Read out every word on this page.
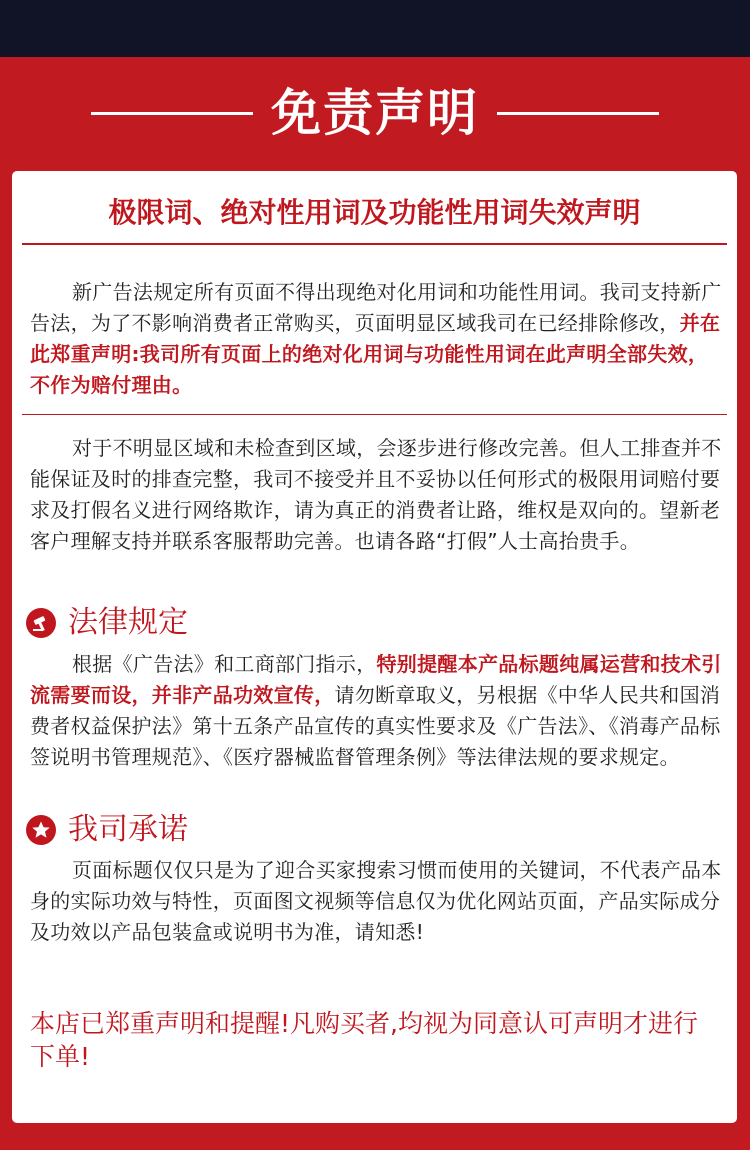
免责声明
极限词、绝对性用词及功能性用词失效声明
新广告法规定所有页面不得出现绝对化用词和功能性用词。我司支持新广告法，为了不影响消费者正常购买，页面明显区域我司在已经排除修改，并在此郑重声明:我司所有页面上的绝对化用词与功能性用词在此声明全部失效，不作为赔付理由。
对于不明显区域和未检查到区域，会逐步进行修改完善。但人工排查并不能保证及时的排查完整，我司不接受并且不妥协以任何形式的极限用词赔付要求及打假名义进行网络欺诈，请为真正的消费者让路，维权是双向的。望新老客户理解支持并联系客服帮助完善。也请各路“打假”人士高抬贵手。
法律规定
根据《广告法》和工商部门指示，特别提醒本产品标题纯属运营和技术引流需要而设，并非产品功效宣传，请勿断章取义，另根据《中华人民共和国消费者权益保护法》第十五条产品宣传的真实性要求及《广告法》、《消毒产品标签说明书管理规范》、《医疗器械监督管理条例》等法律法规的要求规定。
我司承诺
页面标题仅仅只是为了迎合买家搜索习惯而使用的关键词，不代表产品本身的实际功效与特性，页面图文视频等信息仅为优化网站页面，产品实际成分及功效以产品包装盒或说明书为准，请知悉!
本店已郑重声明和提醒!凡购买者,均视为同意认可声明才进行下单!
